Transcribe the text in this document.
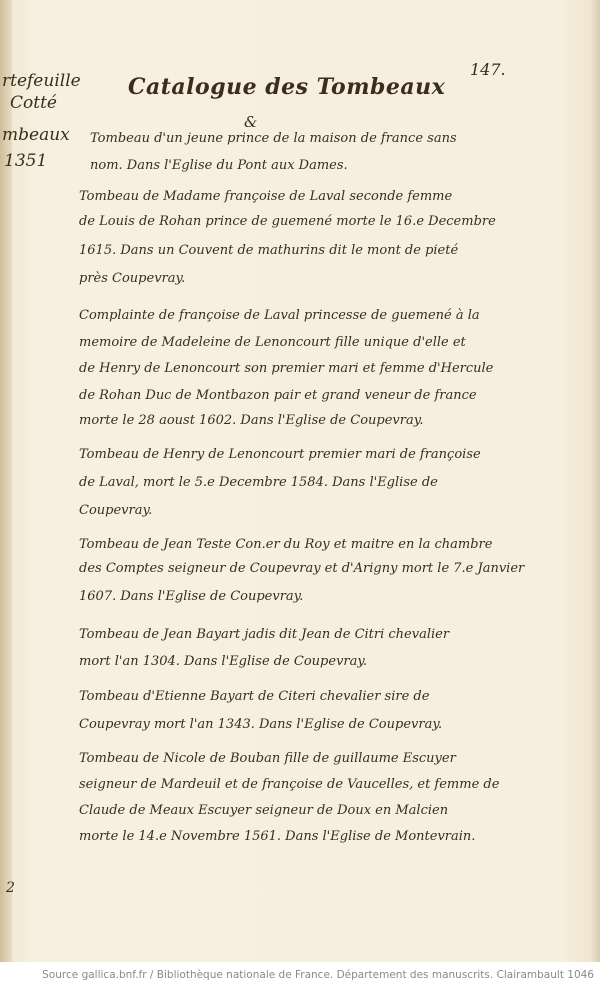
rtefeuille

Cotté

mbeaux

1351

Catalogue des Tombeaux

147.

&

Tombeau d'un jeune prince de la maison de france sans

nom. Dans l'Eglise du Pont aux Dames.

Tombeau de Madame françoise de Laval seconde femme

de Louis de Rohan prince de guemené morte le 16.e Decembre

1615. Dans un Couvent de mathurins dit le mont de pieté

près Coupevray.

Complainte de françoise de Laval princesse de guemené à la

memoire de Madeleine de Lenoncourt fille unique d'elle et

de Henry de Lenoncourt son premier mari et femme d'Hercule

de Rohan Duc de Montbazon pair et grand veneur de france

morte le 28 aoust 1602. Dans l'Eglise de Coupevray.

Tombeau de Henry de Lenoncourt premier mari de françoise

de Laval, mort le 5.e Decembre 1584. Dans l'Eglise de

Coupevray.

Tombeau de Jean Teste Con.er du Roy et maitre en la chambre

des Comptes seigneur de Coupevray et d'Arigny mort le 7.e Janvier

1607. Dans l'Eglise de Coupevray.

Tombeau de Jean Bayart jadis dit Jean de Citri chevalier

mort l'an 1304. Dans l'Eglise de Coupevray.

Tombeau d'Etienne Bayart de Citeri chevalier sire de

Coupevray mort l'an 1343. Dans l'Eglise de Coupevray.

Tombeau de Nicole de Bouban fille de guillaume Escuyer

seigneur de Mardeuil et de françoise de Vaucelles, et femme de

Claude de Meaux Escuyer seigneur de Doux en Malcien

morte le 14.e Novembre 1561. Dans l'Eglise de Montevrain.

2

Source gallica.bnf.fr / Bibliothèque nationale de France. Département des manuscrits. Clairambault 1046
